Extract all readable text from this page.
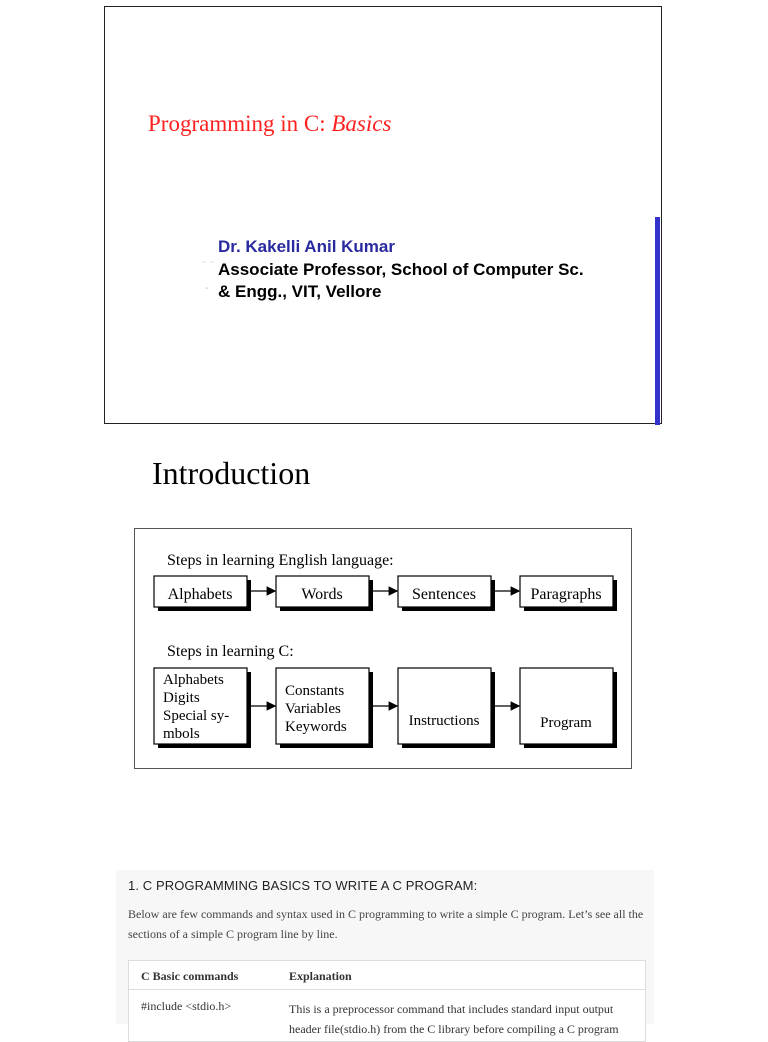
Programming in C: Basics
Dr. Kakelli Anil Kumar
Associate Professor, School of Computer Sc.
& Engg., VIT, Vellore
⁻ ⁻
-
Introduction
Steps in learning English language:
Alphabets	Words	Sentences	Paragraphs
Steps in learning C:
Alphabets Digits Special sy- mbols
Constants Variables Keywords	Instructions	Program
1. C PROGRAMMING BASICS TO WRITE A C PROGRAM:
Below are few commands and syntax used in C programming to write a simple C program. Let’s see all the sections of a simple C program line by line.
C Basic commands	Explanation
#include <stdio.h>	This is a preprocessor command that includes standard input output header file(stdio.h) from the C library before compiling a C program
